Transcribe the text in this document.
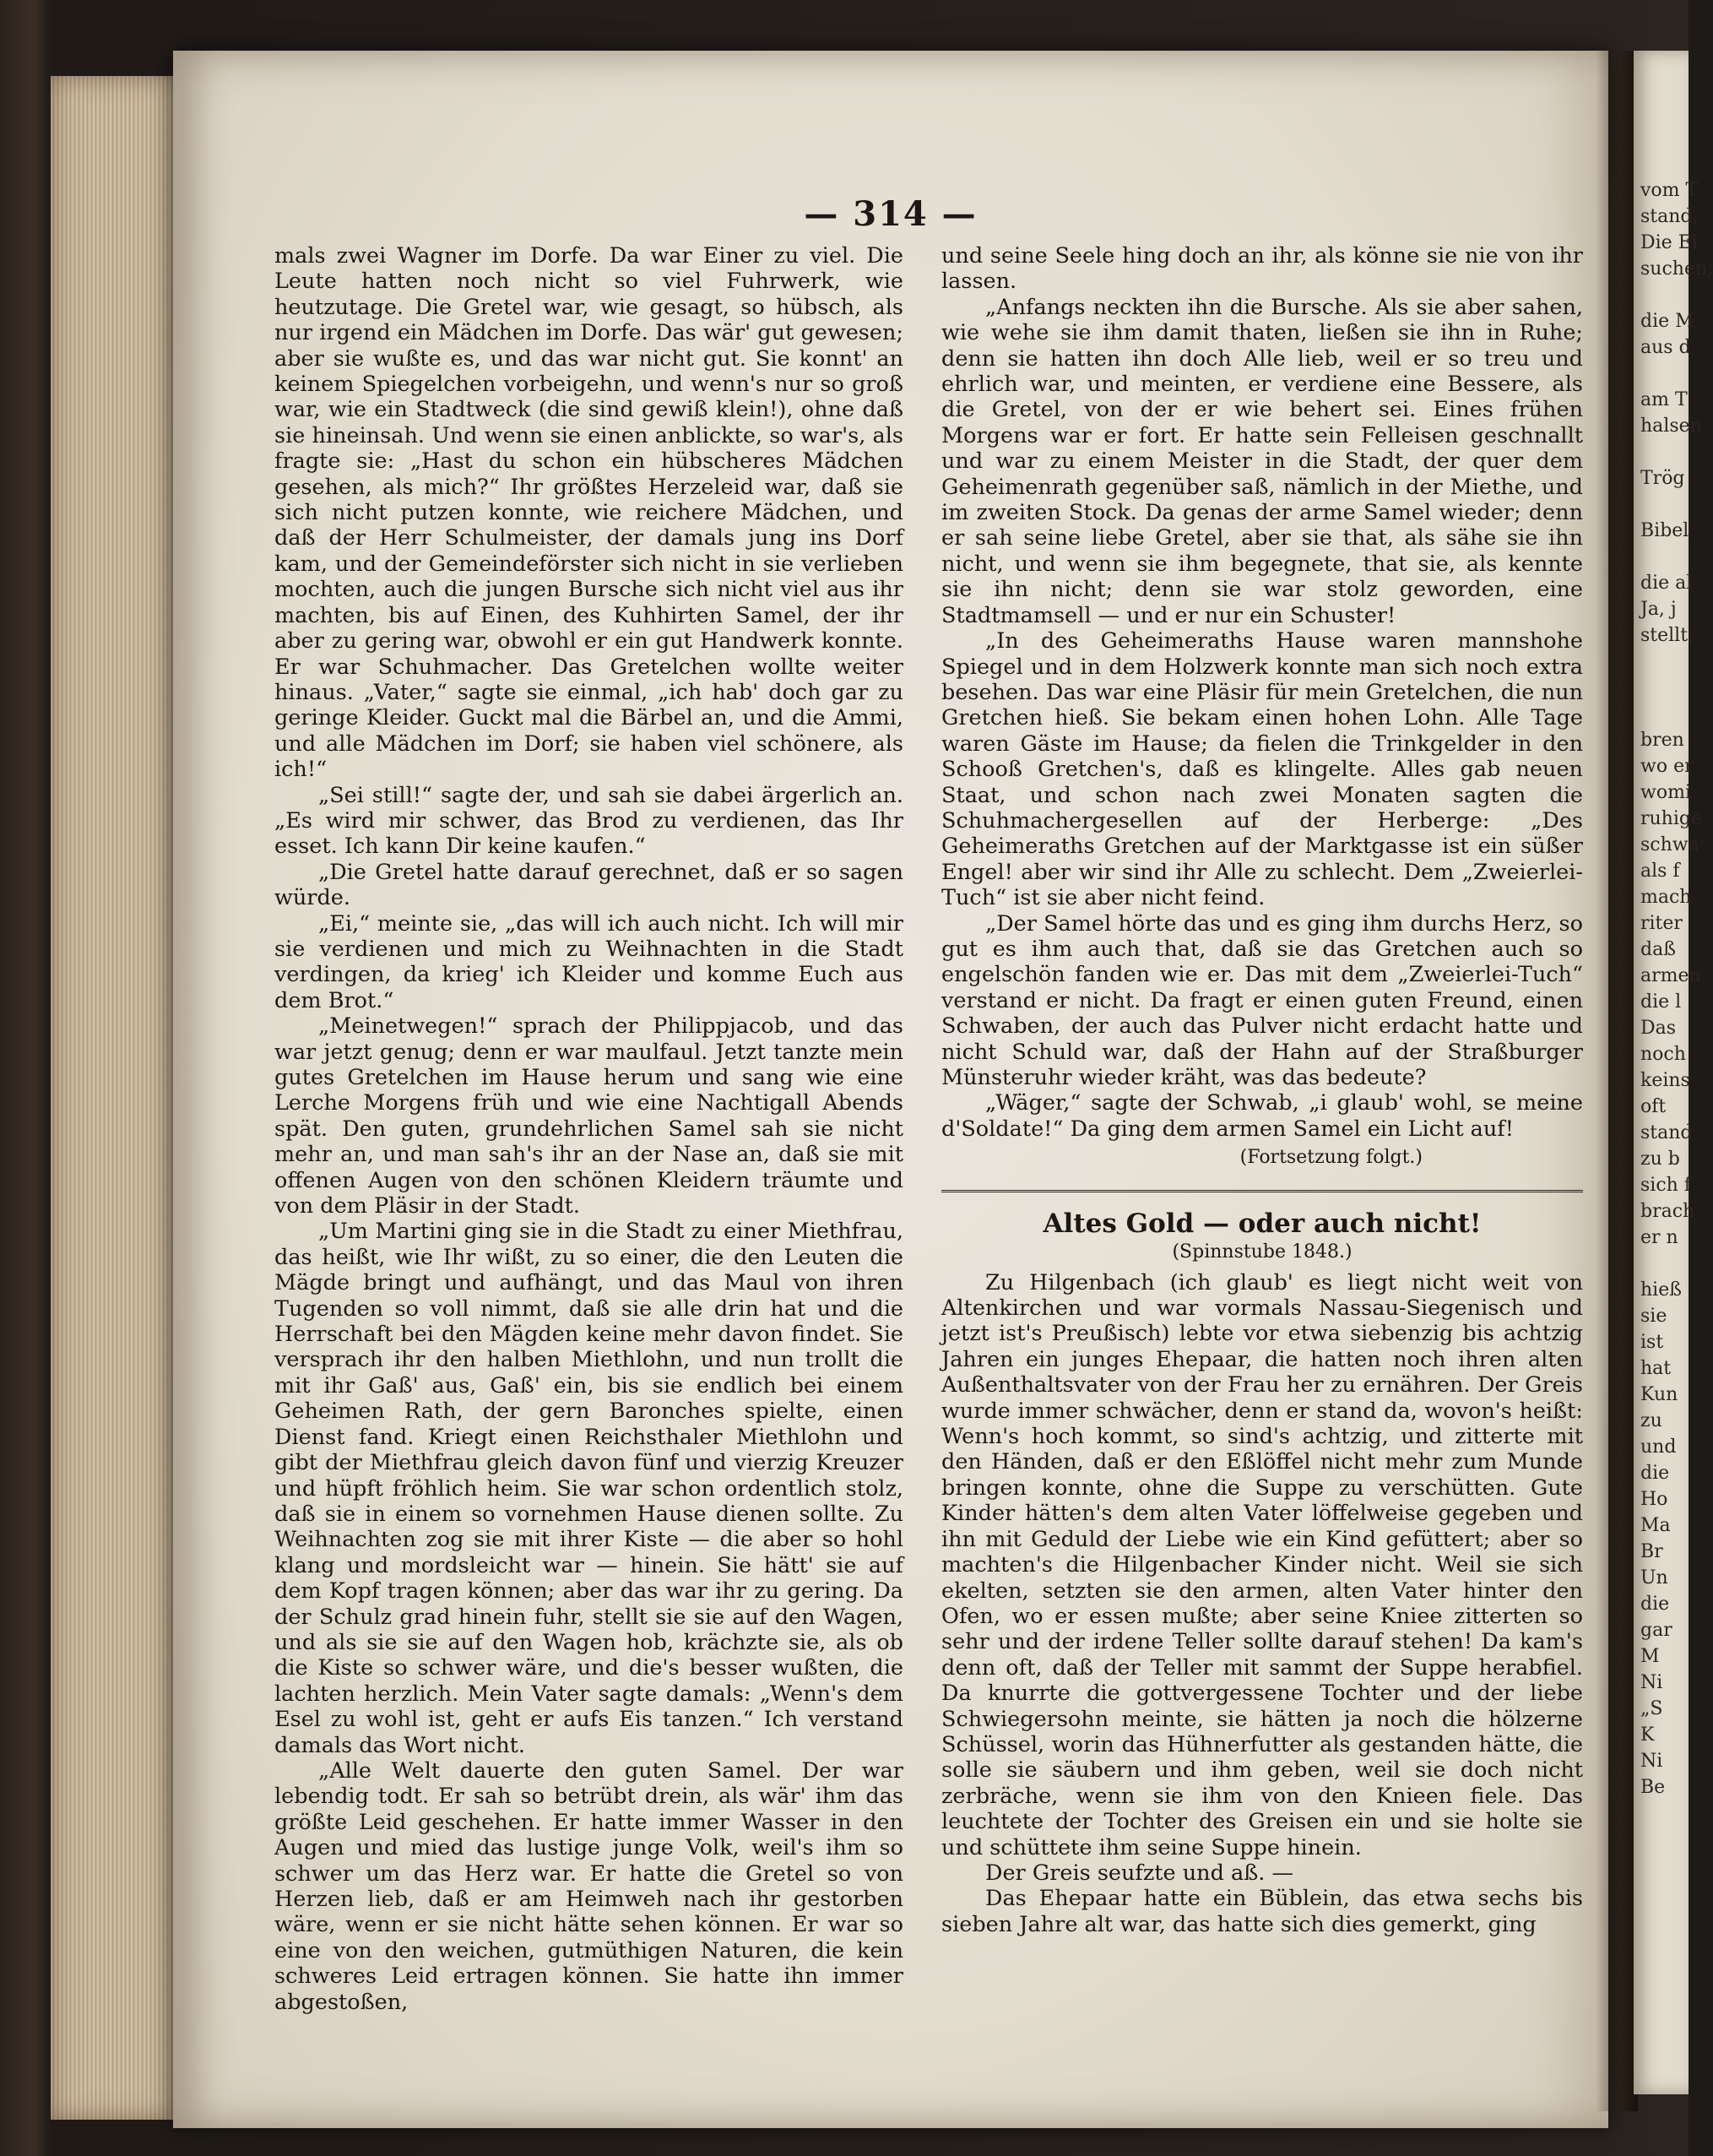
— 314 —

mals zwei Wagner im Dorfe. Da war Einer zu viel. Die Leute hatten noch nicht so viel Fuhrwerk, wie heutzutage. Die Gretel war, wie gesagt, so hübsch, als nur irgend ein Mädchen im Dorfe. Das wär' gut gewesen; aber sie wußte es, und das war nicht gut. Sie konnt' an keinem Spiegelchen vorbeigehn, und wenn's nur so groß war, wie ein Stadtweck (die sind gewiß klein!), ohne daß sie hineinsah. Und wenn sie einen anblickte, so war's, als fragte sie: „Hast du schon ein hübscheres Mädchen gesehen, als mich?“ Ihr größtes Herzeleid war, daß sie sich nicht putzen konnte, wie reichere Mädchen, und daß der Herr Schulmeister, der damals jung ins Dorf kam, und der Gemeindeförster sich nicht in sie verlieben mochten, auch die jungen Bursche sich nicht viel aus ihr machten, bis auf Einen, des Kuhhirten Samel, der ihr aber zu gering war, obwohl er ein gut Handwerk konnte. Er war Schuhmacher. Das Gretelchen wollte weiter hinaus. „Vater,“ sagte sie einmal, „ich hab' doch gar zu geringe Kleider. Guckt mal die Bärbel an, und die Ammi, und alle Mädchen im Dorf; sie haben viel schönere, als ich!“

„Sei still!“ sagte der, und sah sie dabei ärgerlich an. „Es wird mir schwer, das Brod zu verdienen, das Ihr esset. Ich kann Dir keine kaufen.“

„Die Gretel hatte darauf gerechnet, daß er so sagen würde.

„Ei,“ meinte sie, „das will ich auch nicht. Ich will mir sie verdienen und mich zu Weihnachten in die Stadt verdingen, da krieg' ich Kleider und komme Euch aus dem Brot.“

„Meinetwegen!“ sprach der Philippjacob, und das war jetzt genug; denn er war maulfaul. Jetzt tanzte mein gutes Gretelchen im Hause herum und sang wie eine Lerche Morgens früh und wie eine Nachtigall Abends spät. Den guten, grundehrlichen Samel sah sie nicht mehr an, und man sah's ihr an der Nase an, daß sie mit offenen Augen von den schönen Kleidern träumte und von dem Pläsir in der Stadt.

„Um Martini ging sie in die Stadt zu einer Miethfrau, das heißt, wie Ihr wißt, zu so einer, die den Leuten die Mägde bringt und aufhängt, und das Maul von ihren Tugenden so voll nimmt, daß sie alle drin hat und die Herrschaft bei den Mägden keine mehr davon findet. Sie versprach ihr den halben Miethlohn, und nun trollt die mit ihr Gaß' aus, Gaß' ein, bis sie endlich bei einem Geheimen Rath, der gern Baronches spielte, einen Dienst fand. Kriegt einen Reichsthaler Miethlohn und gibt der Miethfrau gleich davon fünf und vierzig Kreuzer und hüpft fröhlich heim. Sie war schon ordentlich stolz, daß sie in einem so vornehmen Hause dienen sollte. Zu Weihnachten zog sie mit ihrer Kiste — die aber so hohl klang und mordsleicht war — hinein. Sie hätt' sie auf dem Kopf tragen können; aber das war ihr zu gering. Da der Schulz grad hinein fuhr, stellt sie sie auf den Wagen, und als sie sie auf den Wagen hob, krächzte sie, als ob die Kiste so schwer wäre, und die's besser wußten, die lachten herzlich. Mein Vater sagte damals: „Wenn's dem Esel zu wohl ist, geht er aufs Eis tanzen.“ Ich verstand damals das Wort nicht.

„Alle Welt dauerte den guten Samel. Der war lebendig todt. Er sah so betrübt drein, als wär' ihm das größte Leid geschehen. Er hatte immer Wasser in den Augen und mied das lustige junge Volk, weil's ihm so schwer um das Herz war. Er hatte die Gretel so von Herzen lieb, daß er am Heimweh nach ihr gestorben wäre, wenn er sie nicht hätte sehen können. Er war so eine von den weichen, gutmüthigen Naturen, die kein schweres Leid ertragen können. Sie hatte ihn immer abgestoßen,

und seine Seele hing doch an ihr, als könne sie nie von ihr lassen.

„Anfangs neckten ihn die Bursche. Als sie aber sahen, wie wehe sie ihm damit thaten, ließen sie ihn in Ruhe; denn sie hatten ihn doch Alle lieb, weil er so treu und ehrlich war, und meinten, er verdiene eine Bessere, als die Gretel, von der er wie behert sei. Eines frühen Morgens war er fort. Er hatte sein Felleisen geschnallt und war zu einem Meister in die Stadt, der quer dem Geheimenrath gegenüber saß, nämlich in der Miethe, und im zweiten Stock. Da genas der arme Samel wieder; denn er sah seine liebe Gretel, aber sie that, als sähe sie ihn nicht, und wenn sie ihm begegnete, that sie, als kennte sie ihn nicht; denn sie war stolz geworden, eine Stadtmamsell — und er nur ein Schuster!

„In des Geheimeraths Hause waren mannshohe Spiegel und in dem Holzwerk konnte man sich noch extra besehen. Das war eine Pläsir für mein Gretelchen, die nun Gretchen hieß. Sie bekam einen hohen Lohn. Alle Tage waren Gäste im Hause; da fielen die Trinkgelder in den Schooß Gretchen's, daß es klingelte. Alles gab neuen Staat, und schon nach zwei Monaten sagten die Schuhmachergesellen auf der Herberge: „Des Geheimeraths Gretchen auf der Marktgasse ist ein süßer Engel! aber wir sind ihr Alle zu schlecht. Dem „Zweierlei-Tuch“ ist sie aber nicht feind.

„Der Samel hörte das und es ging ihm durchs Herz, so gut es ihm auch that, daß sie das Gretchen auch so engelschön fanden wie er. Das mit dem „Zweierlei-Tuch“ verstand er nicht. Da fragt er einen guten Freund, einen Schwaben, der auch das Pulver nicht erdacht hatte und nicht Schuld war, daß der Hahn auf der Straßburger Münsteruhr wieder kräht, was das bedeute?

„Wäger,“ sagte der Schwab, „i glaub' wohl, se meine d'Soldate!“ Da ging dem armen Samel ein Licht auf!

(Fortsetzung folgt.)

Altes Gold — oder auch nicht!

(Spinnstube 1848.)

Zu Hilgenbach (ich glaub' es liegt nicht weit von Altenkirchen und war vormals Nassau-Siegenisch und jetzt ist's Preußisch) lebte vor etwa siebenzig bis achtzig Jahren ein junges Ehepaar, die hatten noch ihren alten Außenthaltsvater von der Frau her zu ernähren. Der Greis wurde immer schwächer, denn er stand da, wovon's heißt: Wenn's hoch kommt, so sind's achtzig, und zitterte mit den Händen, daß er den Eßlöffel nicht mehr zum Munde bringen konnte, ohne die Suppe zu verschütten. Gute Kinder hätten's dem alten Vater löffelweise gegeben und ihn mit Geduld der Liebe wie ein Kind gefüttert; aber so machten's die Hilgenbacher Kinder nicht. Weil sie sich ekelten, setzten sie den armen, alten Vater hinter den Ofen, wo er essen mußte; aber seine Kniee zitterten so sehr und der irdene Teller sollte darauf stehen! Da kam's denn oft, daß der Teller mit sammt der Suppe herabfiel. Da knurrte die gottvergessene Tochter und der liebe Schwiegersohn meinte, sie hätten ja noch die hölzerne Schüssel, worin das Hühnerfutter als gestanden hätte, die solle sie säubern und ihm geben, weil sie doch nicht zerbräche, wenn sie ihm von den Knieen fiele. Das leuchtete der Tochter des Greisen ein und sie holte sie und schüttete ihm seine Suppe hinein.

Der Greis seufzte und aß. —

Das Ehepaar hatte ein Büblein, das etwa sechs bis sieben Jahre alt war, das hatte sich dies gemerkt, ging

vom T
stand,
Die Ei
suchen,

die M
aus d

am T
halsen

Trög

Bibel

die al
Ja, j
stellt,

bren
wo er
womi
ruhige
schwa
als f
mach
riter
daß
armen
die l
Das
noch
keins
oft
stand
zu b
sich f
brach
er n

hieß
sie
ist
hat
Kun
zu
und
die
Ho
Ma
Br
Un
die
gar
M
Ni
„S
K
Ni
Be
